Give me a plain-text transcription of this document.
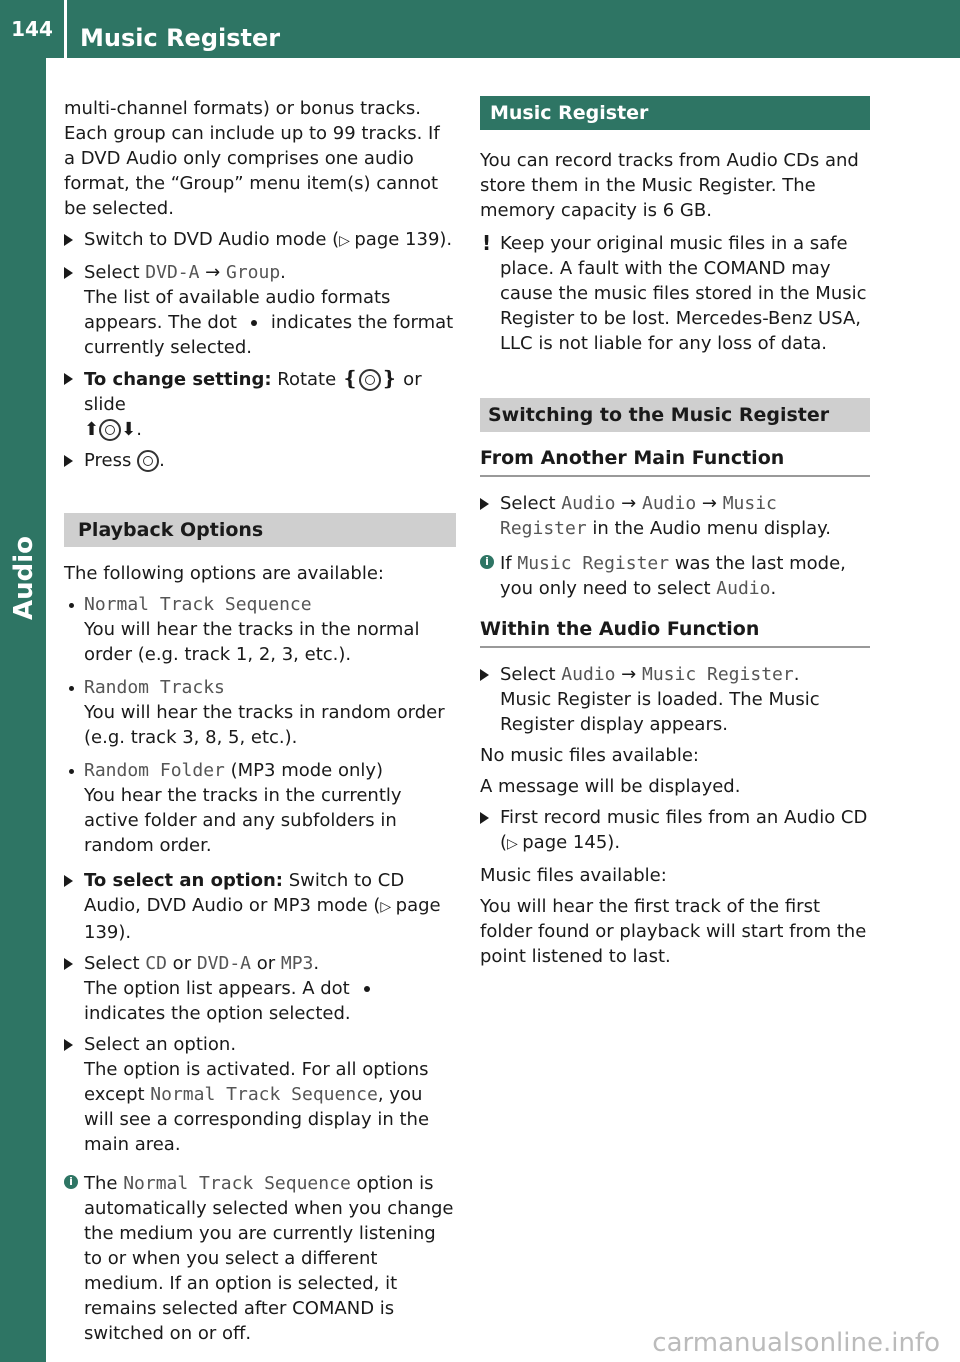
144	Music Register
Audio

multi-channel formats) or bonus tracks. Each group can include up to 99 tracks. If a DVD Audio only comprises one audio format, the “Group” menu item(s) cannot be selected.

Switch to DVD Audio mode (▷ page 139).
Select DVD-A → Group.
The list of available audio formats appears. The dot indicates the format currently selected.
To change setting: Rotate ❴ ❵ or slide
⬆ ⬇.
Press .
Playback Options

The following options are available:

Normal Track Sequence
You will hear the tracks in the normal order (e.g. track 1, 2, 3, etc.).
Random Tracks
You will hear the tracks in random order (e.g. track 3, 8, 5, etc.).
Random Folder (MP3 mode only)
You hear the tracks in the currently active folder and any subfolders in random order.
To select an option: Switch to CD Audio, DVD Audio or MP3 mode (▷ page 139).
Select CD or DVD-A or MP3.
The option list appears. A dotindicates the option selected.
Select an option.
The option is activated. For all options except Normal Track Sequence, you will see a corresponding display in the main area.
i The Normal Track Sequence option is automatically selected when you change the medium you are currently listening to or when you select a different medium. If an option is selected, it remains selected after COMAND is switched on or off.
Music Register

You can record tracks from Audio CDs and store them in the Music Register. The memory capacity is 6 GB.

! Keep your original music files in a safe place. A fault with the COMAND may cause the music files stored in the Music Register to be lost. Mercedes-Benz USA, LLC is not liable for any loss of data.
Switching to the Music Register
From Another Main Function
Select Audio → Audio → Music Register in the Audio menu display.
i If Music Register was the last mode, you only need to select Audio.
Within the Audio Function
Select Audio → Music Register.
Music Register is loaded. The Music Register display appears.

No music files available:

A message will be displayed.

First record music files from an Audio CD (▷ page 145).

Music files available:

You will hear the first track of the first folder found or playback will start from the point listened to last.

carmanualsonline.info
